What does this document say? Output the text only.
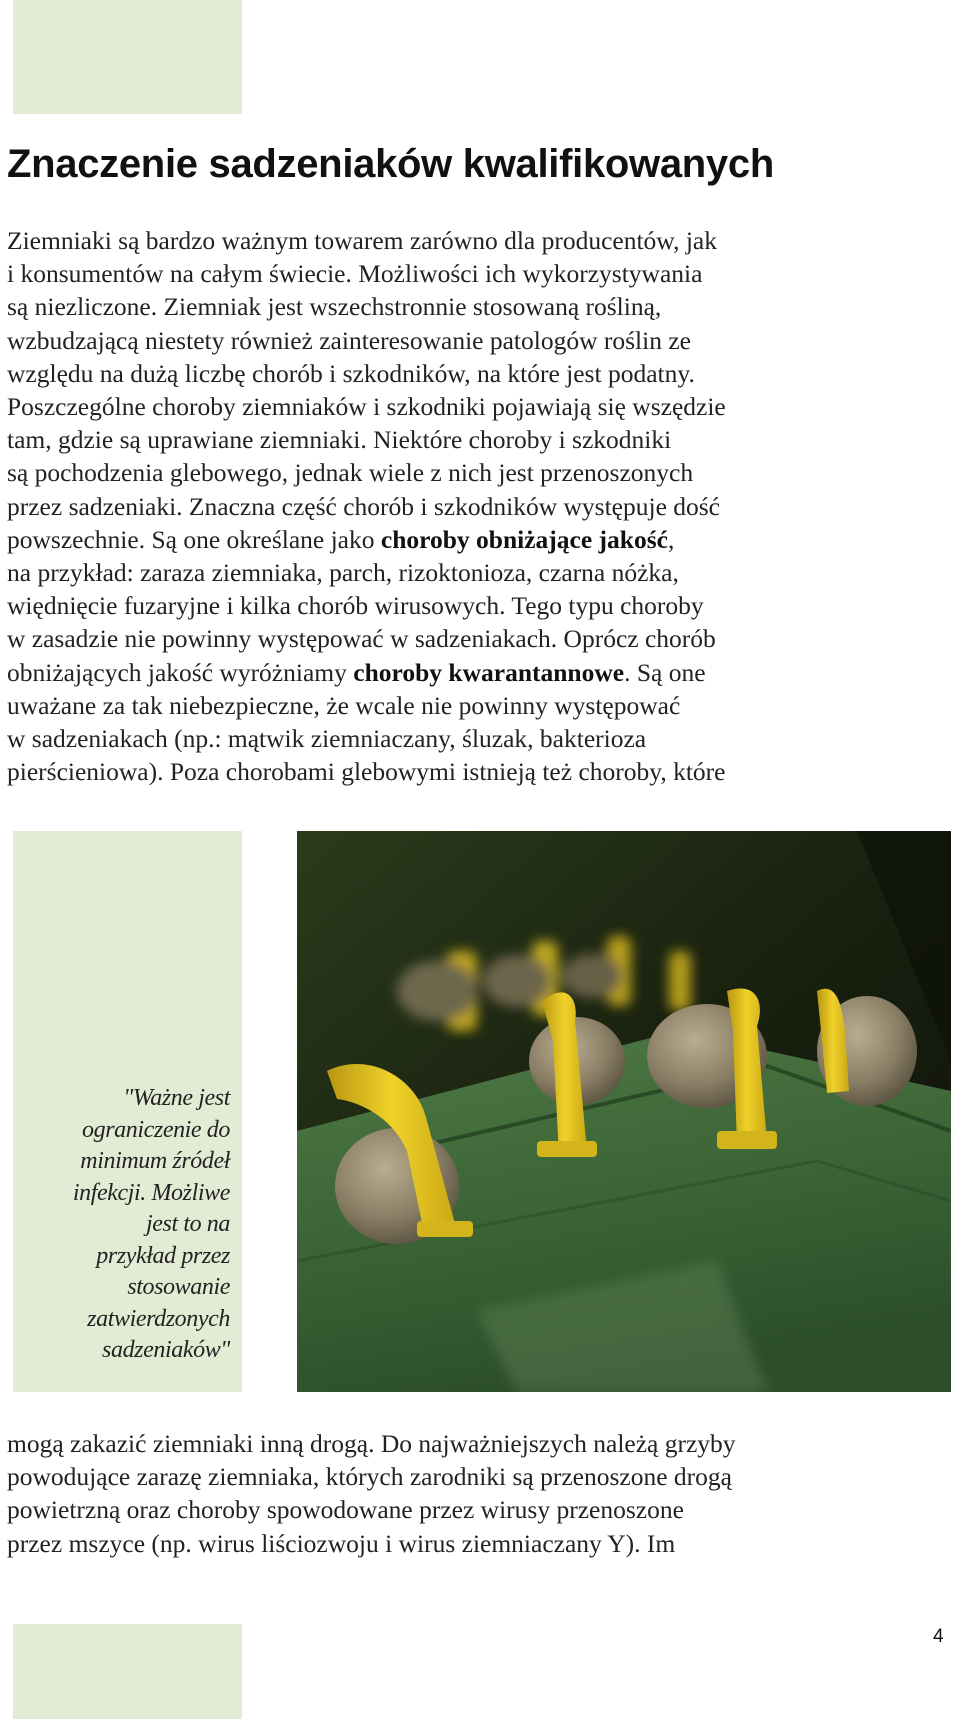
Znaczenie sadzeniaków kwalifikowanych
Ziemniaki są bardzo ważnym towarem zarówno dla producentów, jak
i konsumentów na całym świecie. Możliwości ich wykorzystywania
są niezliczone. Ziemniak jest wszechstronnie stosowaną rośliną,
wzbudzającą niestety również zainteresowanie patologów roślin ze
względu na dużą liczbę chorób i szkodników, na które jest podatny.
Poszczególne choroby ziemniaków i szkodniki pojawiają się wszędzie
tam, gdzie są uprawiane ziemniaki. Niektóre choroby i szkodniki
są pochodzenia glebowego, jednak wiele z nich jest przenoszonych
przez sadzeniaki. Znaczna część chorób i szkodników występuje dość
powszechnie. Są one określane jako choroby obniżające jakość,
na przykład: zaraza ziemniaka, parch, rizoktonioza, czarna nóżka,
więdnięcie fuzaryjne i kilka chorób wirusowych. Tego typu choroby
w zasadzie nie powinny występować w sadzeniakach. Oprócz chorób
obniżających jakość wyróżniamy choroby kwarantannowe. Są one
uważane za tak niebezpieczne, że wcale nie powinny występować
w sadzeniakach (np.: mątwik ziemniaczany, śluzak, bakterioza
pierścieniowa). Poza chorobami glebowymi istnieją też choroby, które
"Ważne jest
ograniczenie do
minimum źródeł
infekcji. Możliwe
jest to na
przykład przez
stosowanie
zatwierdzonych
sadzeniaków"
mogą zakazić ziemniaki inną drogą. Do najważniejszych należą grzyby
powodujące zarazę ziemniaka, których zarodniki są przenoszone drogą
powietrzną oraz choroby spowodowane przez wirusy przenoszone
przez mszyce (np. wirus liściozwoju i wirus ziemniaczany Y). Im
4
